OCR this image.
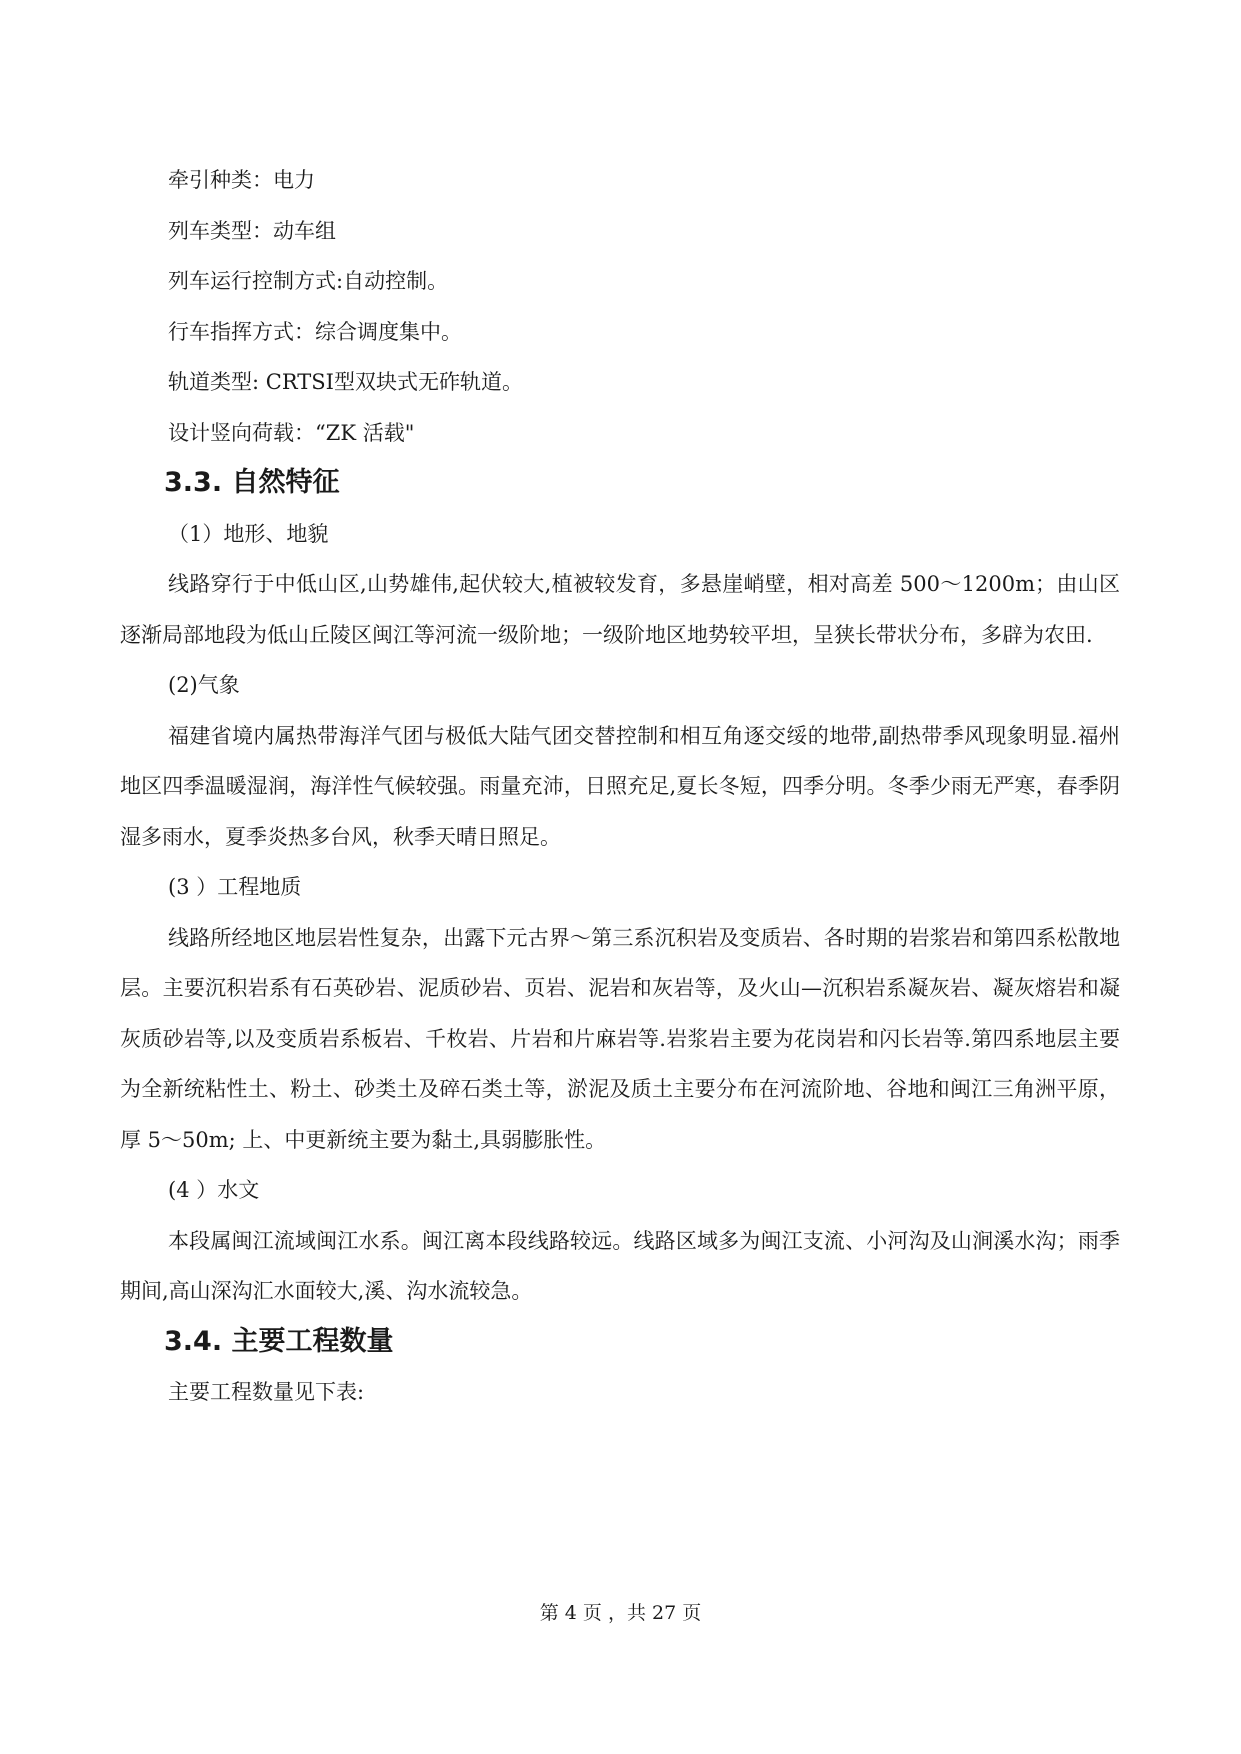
牵引种类：电力

列车类型：动车组

列车运行控制方式:自动控制。

行车指挥方式：综合调度集中。

轨道类型: CRTSⅠ型双块式无砟轨道。

设计竖向荷载：“ZK 活载"

3.3. 自然特征

（1）地形、地貌

线路穿行于中低山区,山势雄伟,起伏较大,植被较发育，多悬崖峭壁，相对高差 500～1200m；由山区逐渐局部地段为低山丘陵区闽江等河流一级阶地；一级阶地区地势较平坦，呈狭长带状分布，多辟为农田.

(2)气象

福建省境内属热带海洋气团与极低大陆气团交替控制和相互角逐交绥的地带,副热带季风现象明显.福州地区四季温暖湿润，海洋性气候较强。雨量充沛，日照充足,夏长冬短，四季分明。冬季少雨无严寒，春季阴湿多雨水，夏季炎热多台风，秋季天晴日照足。

(3 ）工程地质

线路所经地区地层岩性复杂，出露下元古界～第三系沉积岩及变质岩、各时期的岩浆岩和第四系松散地层。主要沉积岩系有石英砂岩、泥质砂岩、页岩、泥岩和灰岩等，及火山—沉积岩系凝灰岩、凝灰熔岩和凝灰质砂岩等,以及变质岩系板岩、千枚岩、片岩和片麻岩等.岩浆岩主要为花岗岩和闪长岩等.第四系地层主要为全新统粘性土、粉土、砂类土及碎石类土等，淤泥及质土主要分布在河流阶地、谷地和闽江三角洲平原，厚 5～50m; 上、中更新统主要为黏土,具弱膨胀性。

(4 ）水文

本段属闽江流域闽江水系。闽江离本段线路较远。线路区域多为闽江支流、小河沟及山涧溪水沟；雨季期间,高山深沟汇水面较大,溪、沟水流较急。

3.4. 主要工程数量

主要工程数量见下表:

第 4 页 ，共 27 页
